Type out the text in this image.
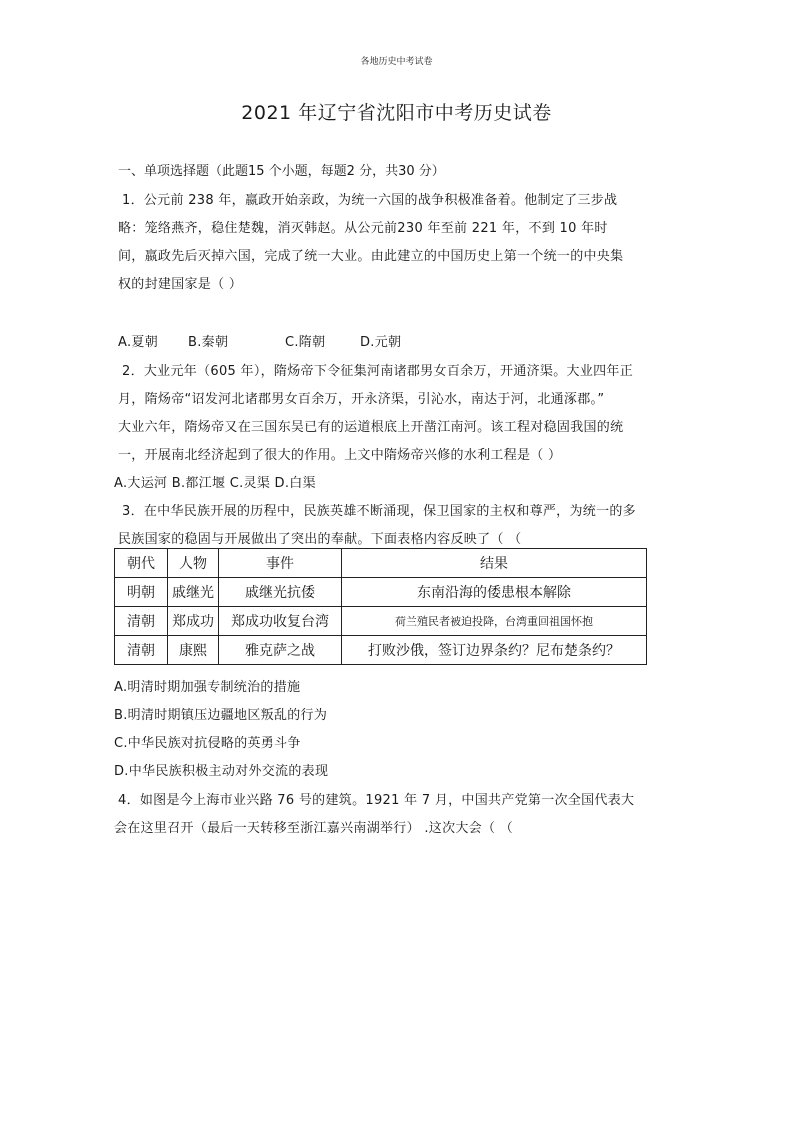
各地历史中考试卷
2021 年辽宁省沈阳市中考历史试卷
一、单项选择题（此题15 个小题，每题2 分，共30 分）
1．公元前 238 年，嬴政开始亲政，为统一六国的战争积极准备着。他制定了三步战
略：笼络燕齐，稳住楚魏，消灭韩赵。从公元前230 年至前 221 年，不到 10 年时
间，嬴政先后灭掉六国，完成了统一大业。由此建立的中国历史上第一个统一的中央集
权的封建国家是（ ）
A.夏朝 B.秦朝	C.隋朝	D.元朝
2．大业元年（605 年），隋炀帝下令征集河南诸郡男女百余万，开通济渠。大业四年正
月，隋炀帝“诏发河北诸郡男女百余万，开永济渠，引沁水，南达于河，北通涿郡。”
大业六年，隋炀帝又在三国东吴已有的运道根底上开凿江南河。该工程对稳固我国的统
一，开展南北经济起到了很大的作用。上文中隋炀帝兴修的水利工程是（ ）
A.大运河 B.都江堰 C.灵渠 D.白渠
3．在中华民族开展的历程中，民族英雄不断涌现，保卫国家的主权和尊严，为统一的多
民族国家的稳固与开展做出了突出的奉献。下面表格内容反映了（ （
朝代	人物	事件	结果
明朝	戚继光	戚继光抗倭	东南沿海的倭患根本解除
清朝	郑成功	郑成功收复台湾	荷兰殖民者被迫投降，台湾重回祖国怀抱
清朝	康熙	雅克萨之战	打败沙俄，签订边界条约？尼布楚条约？
A.明清时期加强专制统治的措施
B.明清时期镇压边疆地区叛乱的行为
C.中华民族对抗侵略的英勇斗争
D.中华民族积极主动对外交流的表现
4．如图是今上海市业兴路 76 号的建筑。1921 年 7 月，中国共产党第一次全国代表大
会在这里召开（最后一天转移至浙江嘉兴南湖举行） .这次大会（ （
